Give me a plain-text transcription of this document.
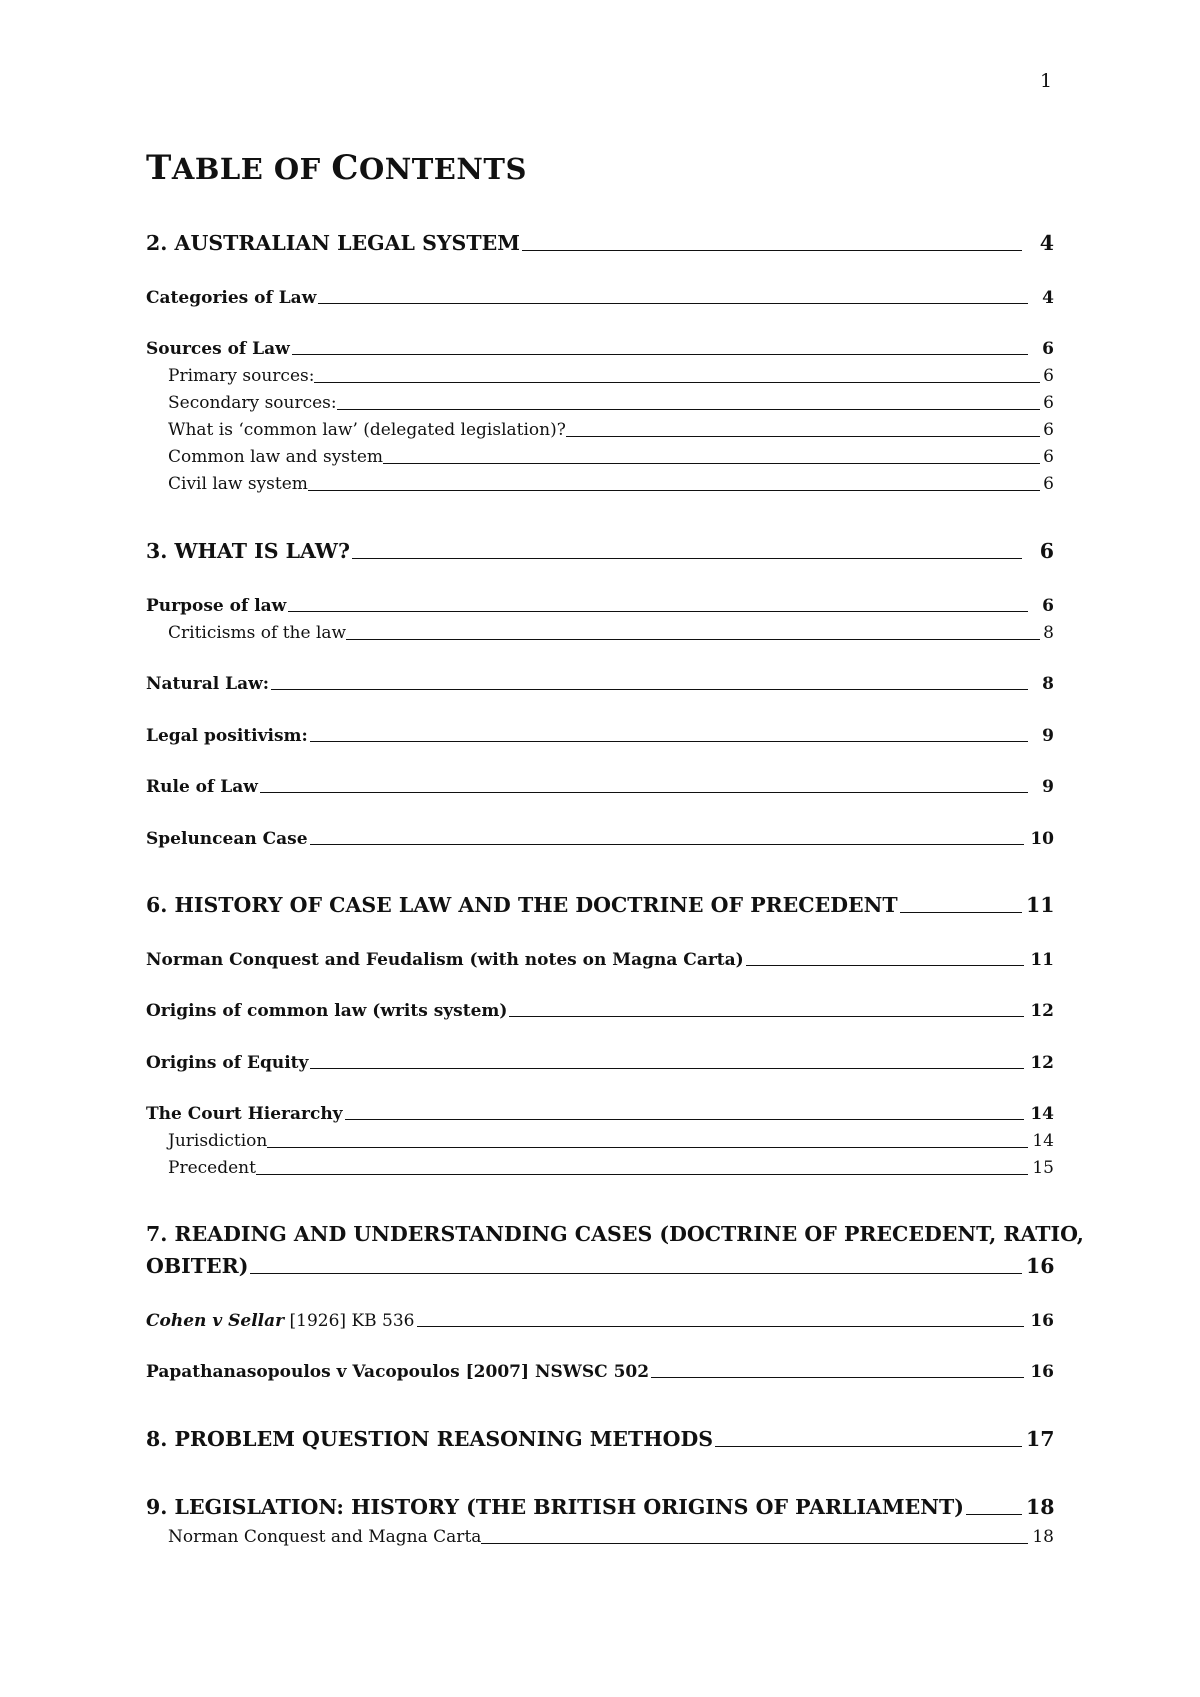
1
TABLE OF CONTENTS
2. AUSTRALIAN LEGAL SYSTEM	4
Categories of Law	4
Sources of Law	6
Primary sources:	6
Secondary sources:	6
What is ‘common law’ (delegated legislation)?	6
Common law and system	6
Civil law system	6
3. WHAT IS LAW?	6
Purpose of law	6
Criticisms of the law	8
Natural Law:	8
Legal positivism:	9
Rule of Law	9
Speluncean Case	10
6. HISTORY OF CASE LAW AND THE DOCTRINE OF PRECEDENT	11
Norman Conquest and Feudalism (with notes on Magna Carta)	11
Origins of common law (writs system)	12
Origins of Equity	12
The Court Hierarchy	14
Jurisdiction	14
Precedent	15
7. READING AND UNDERSTANDING CASES (DOCTRINE OF PRECEDENT, RATIO,
OBITER)	16
Cohen v Sellar [1926] KB 536	16
Papathanasopoulos v Vacopoulos [2007] NSWSC 502	16
8. PROBLEM QUESTION REASONING METHODS	17
9. LEGISLATION: HISTORY (THE BRITISH ORIGINS OF PARLIAMENT)	18
Norman Conquest and Magna Carta	18
